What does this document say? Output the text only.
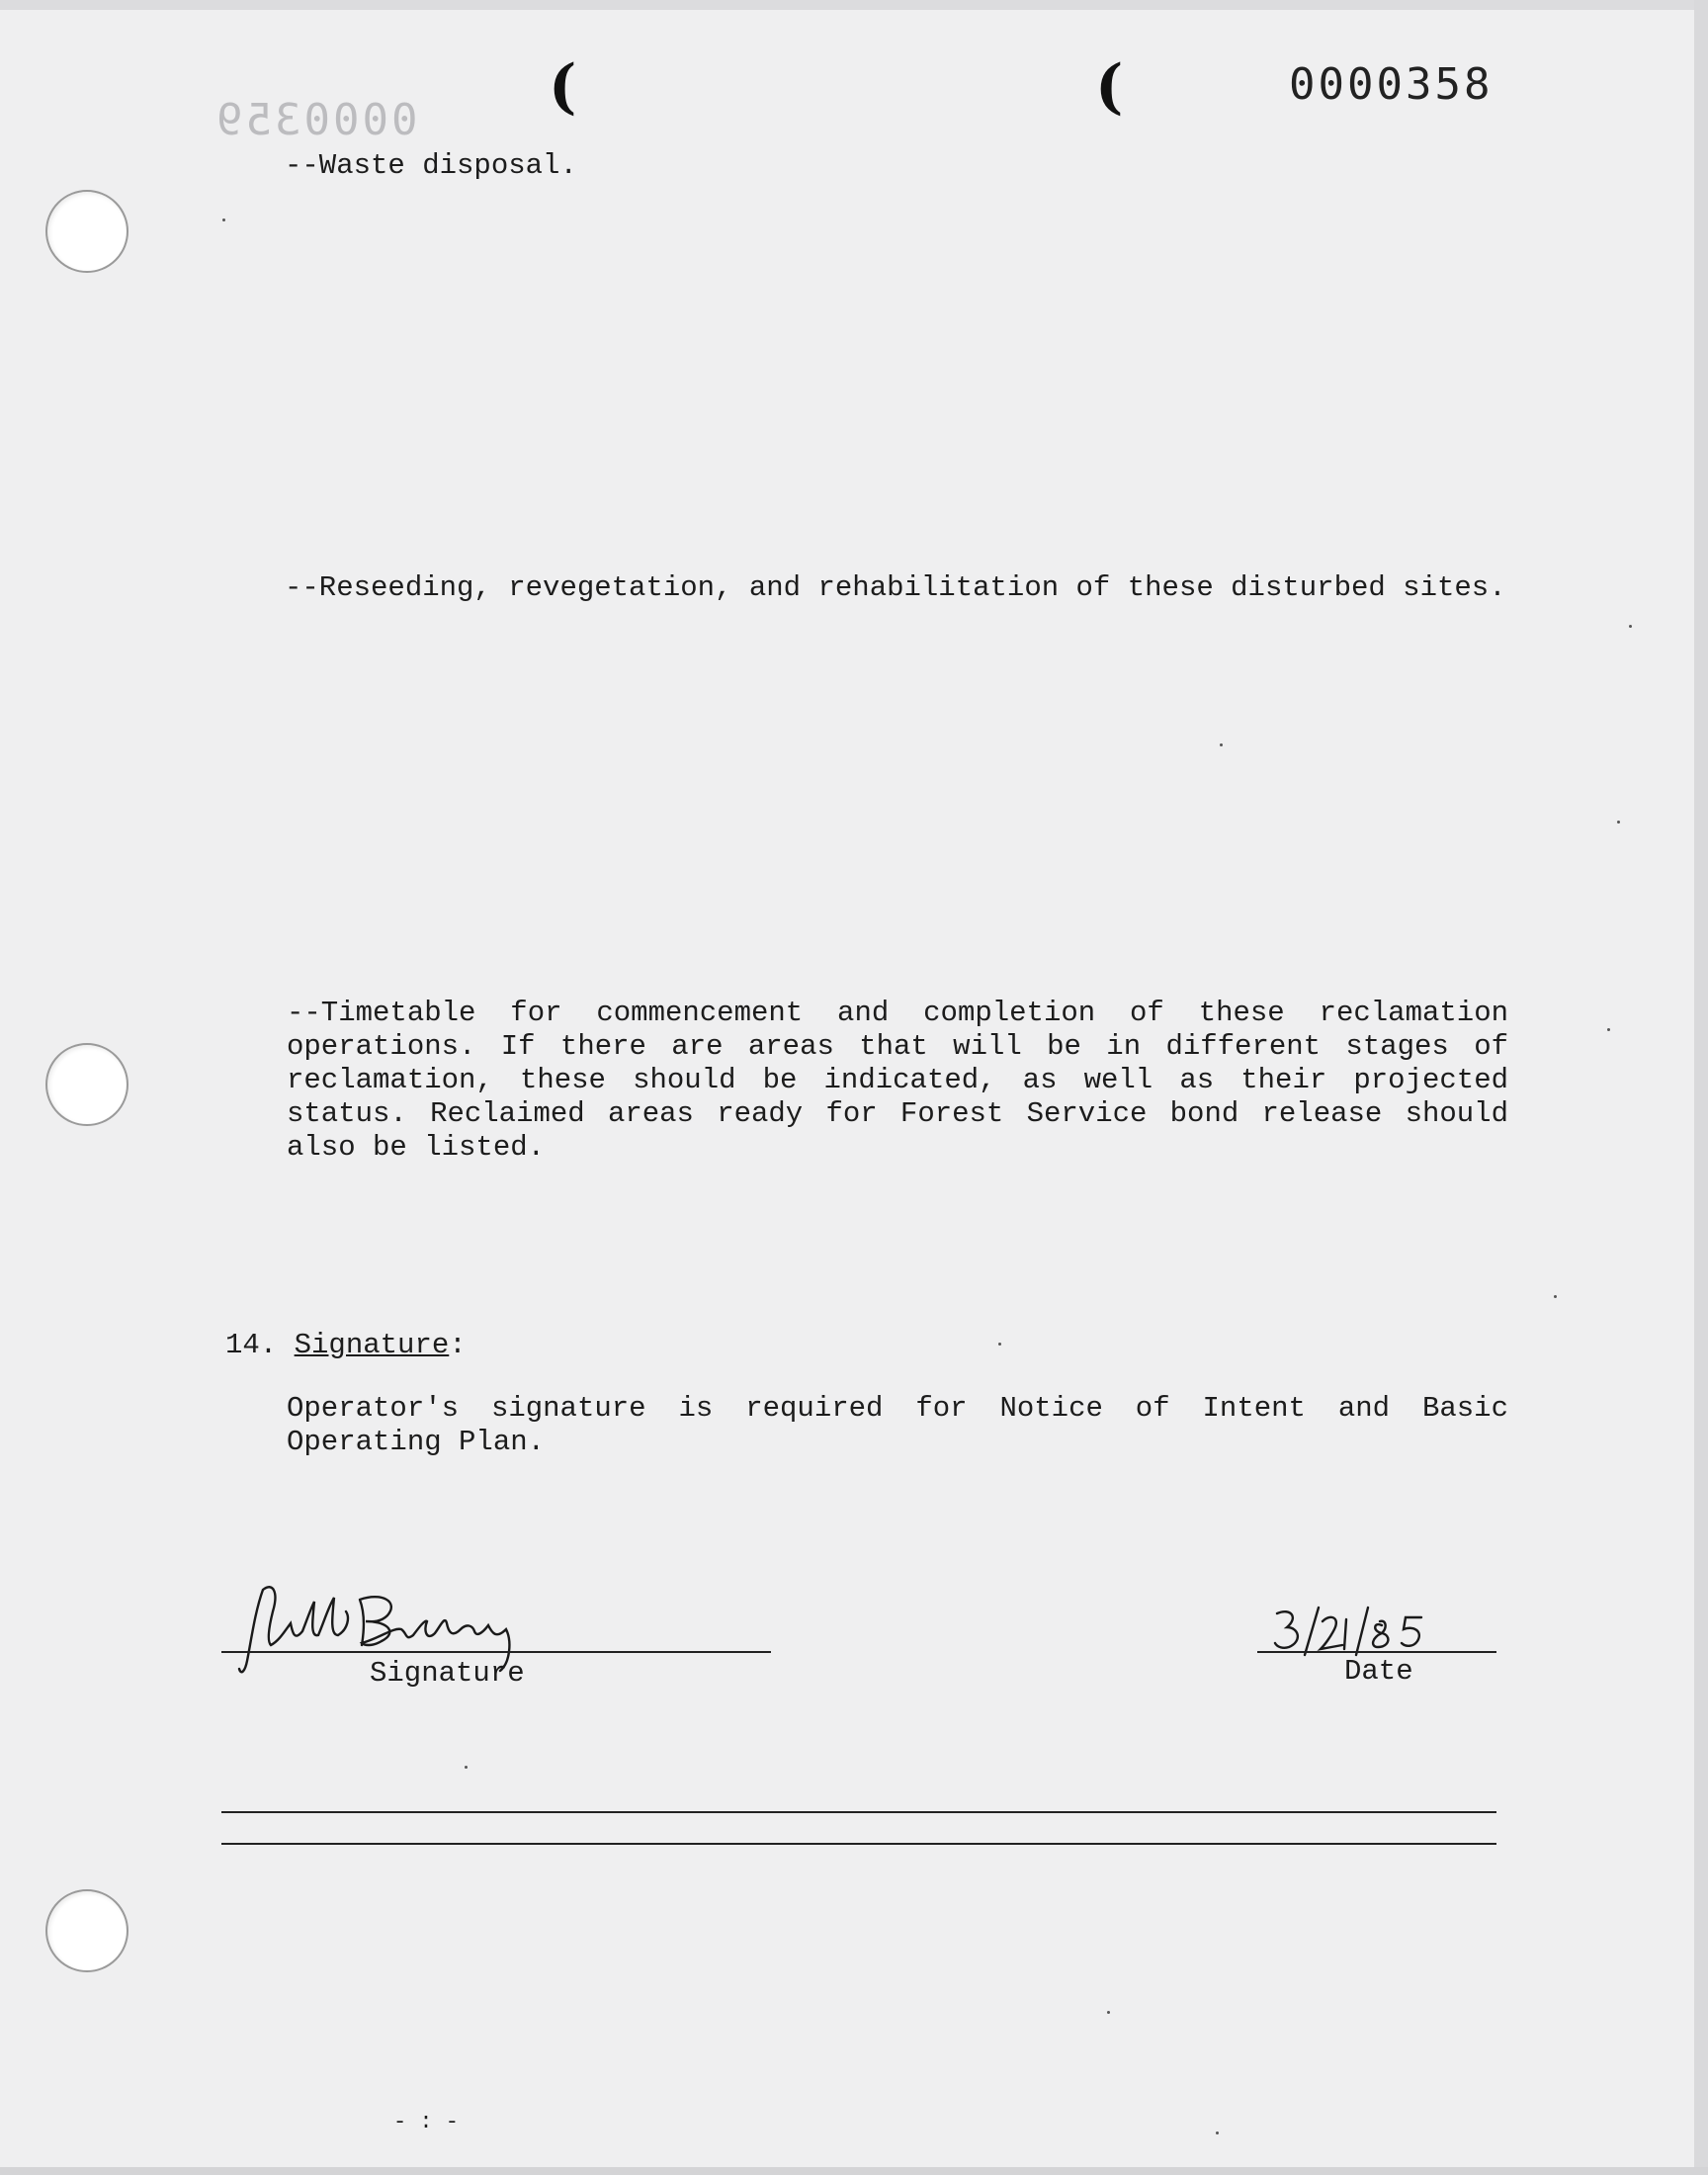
(	(
0000359
0000358
--Waste disposal.
--Reseeding, revegetation, and rehabilitation of these disturbed sites.
--Timetable for commencement and completion of these reclamation operations. If there are areas that will be in different stages of reclamation, these should be indicated, as well as their projected status. Reclaimed areas ready for Forest Service bond release should also be listed.
14. Signature:
Operator's signature is required for Notice of Intent and Basic Operating Plan.
Signature	Date
- : -
